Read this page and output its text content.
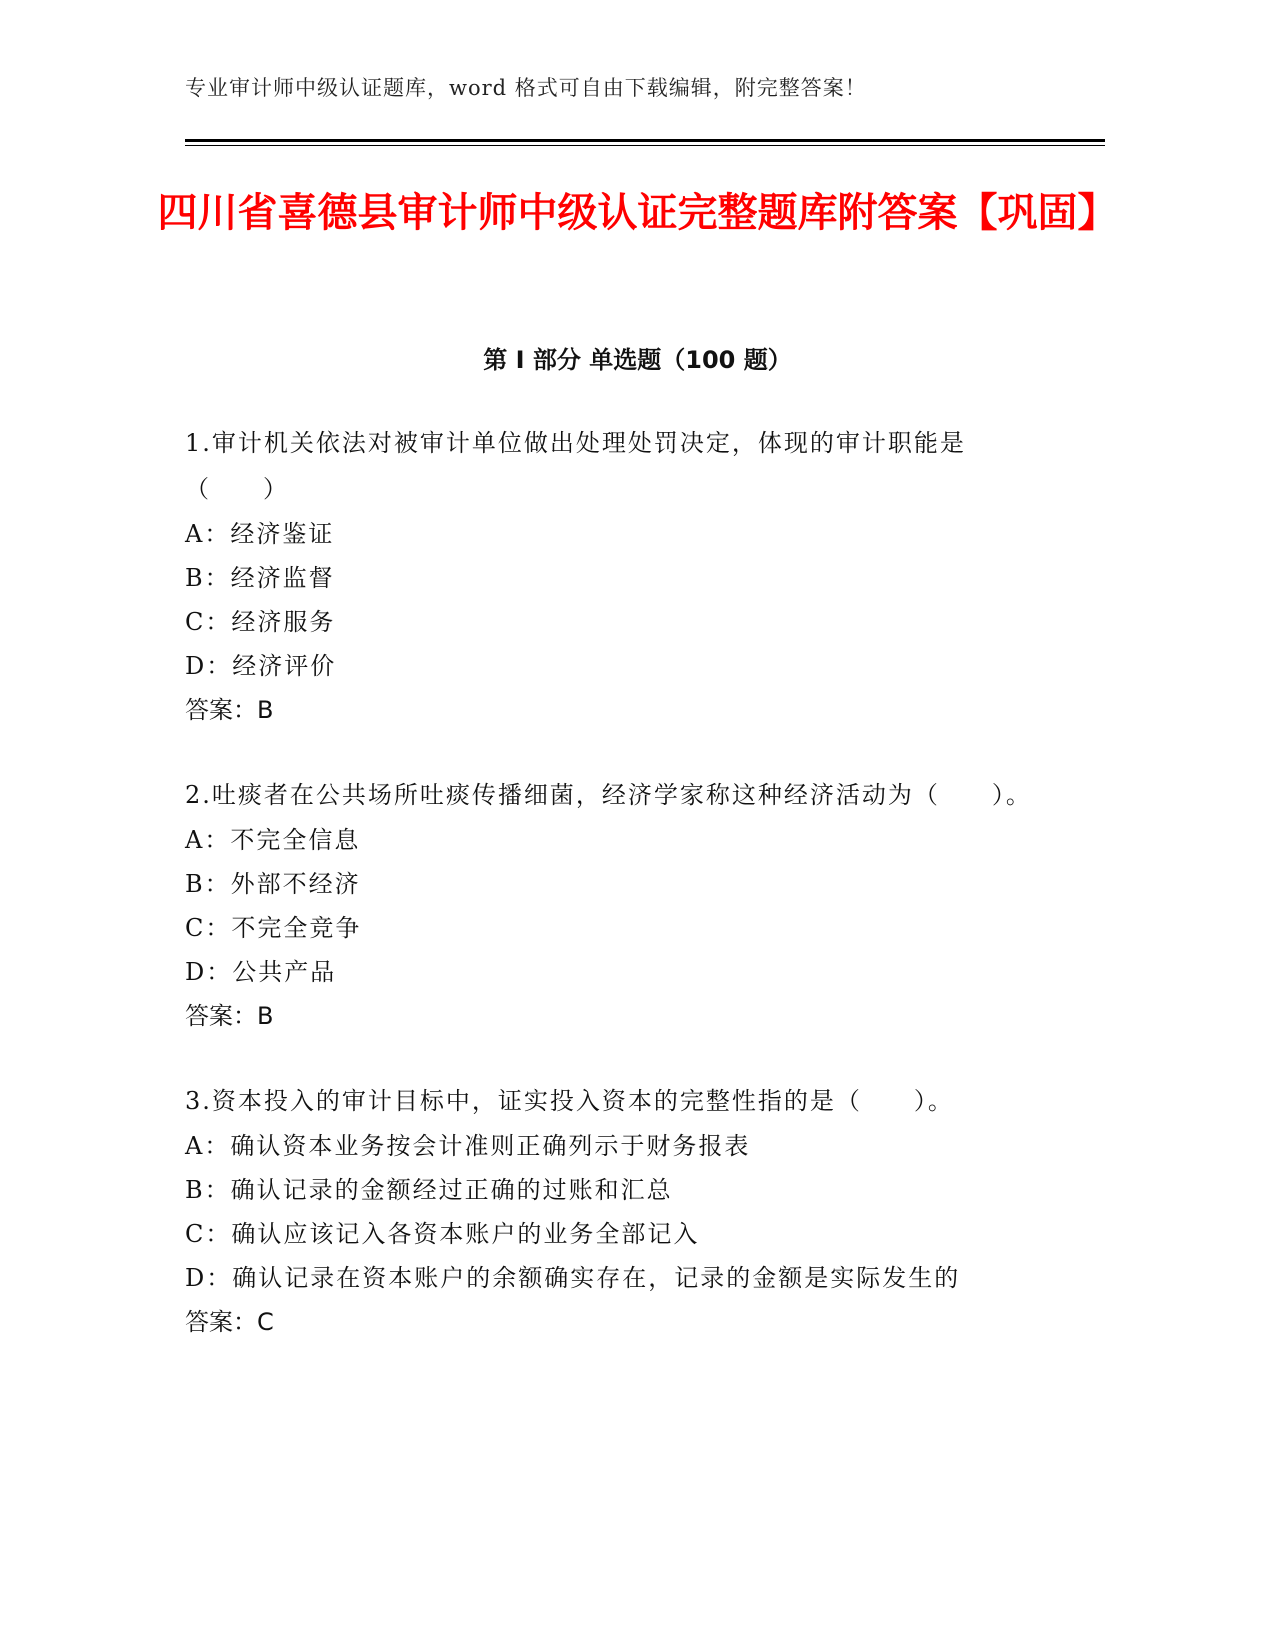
专业审计师中级认证题库，word 格式可自由下载编辑，附完整答案！
四川省喜德县审计师中级认证完整题库附答案【巩固】
第 I 部分 单选题（100 题）

1.审计机关依法对被审计单位做出处理处罚决定，体现的审计职能是（　　）

A：经济鉴证

B：经济监督

C：经济服务

D：经济评价

答案：B

2.吐痰者在公共场所吐痰传播细菌，经济学家称这种经济活动为（　　）。

A：不完全信息

B：外部不经济

C：不完全竞争

D：公共产品

答案：B

3.资本投入的审计目标中，证实投入资本的完整性指的是（　　）。

A：确认资本业务按会计准则正确列示于财务报表

B：确认记录的金额经过正确的过账和汇总

C：确认应该记入各资本账户的业务全部记入

D：确认记录在资本账户的余额确实存在，记录的金额是实际发生的

答案：C
